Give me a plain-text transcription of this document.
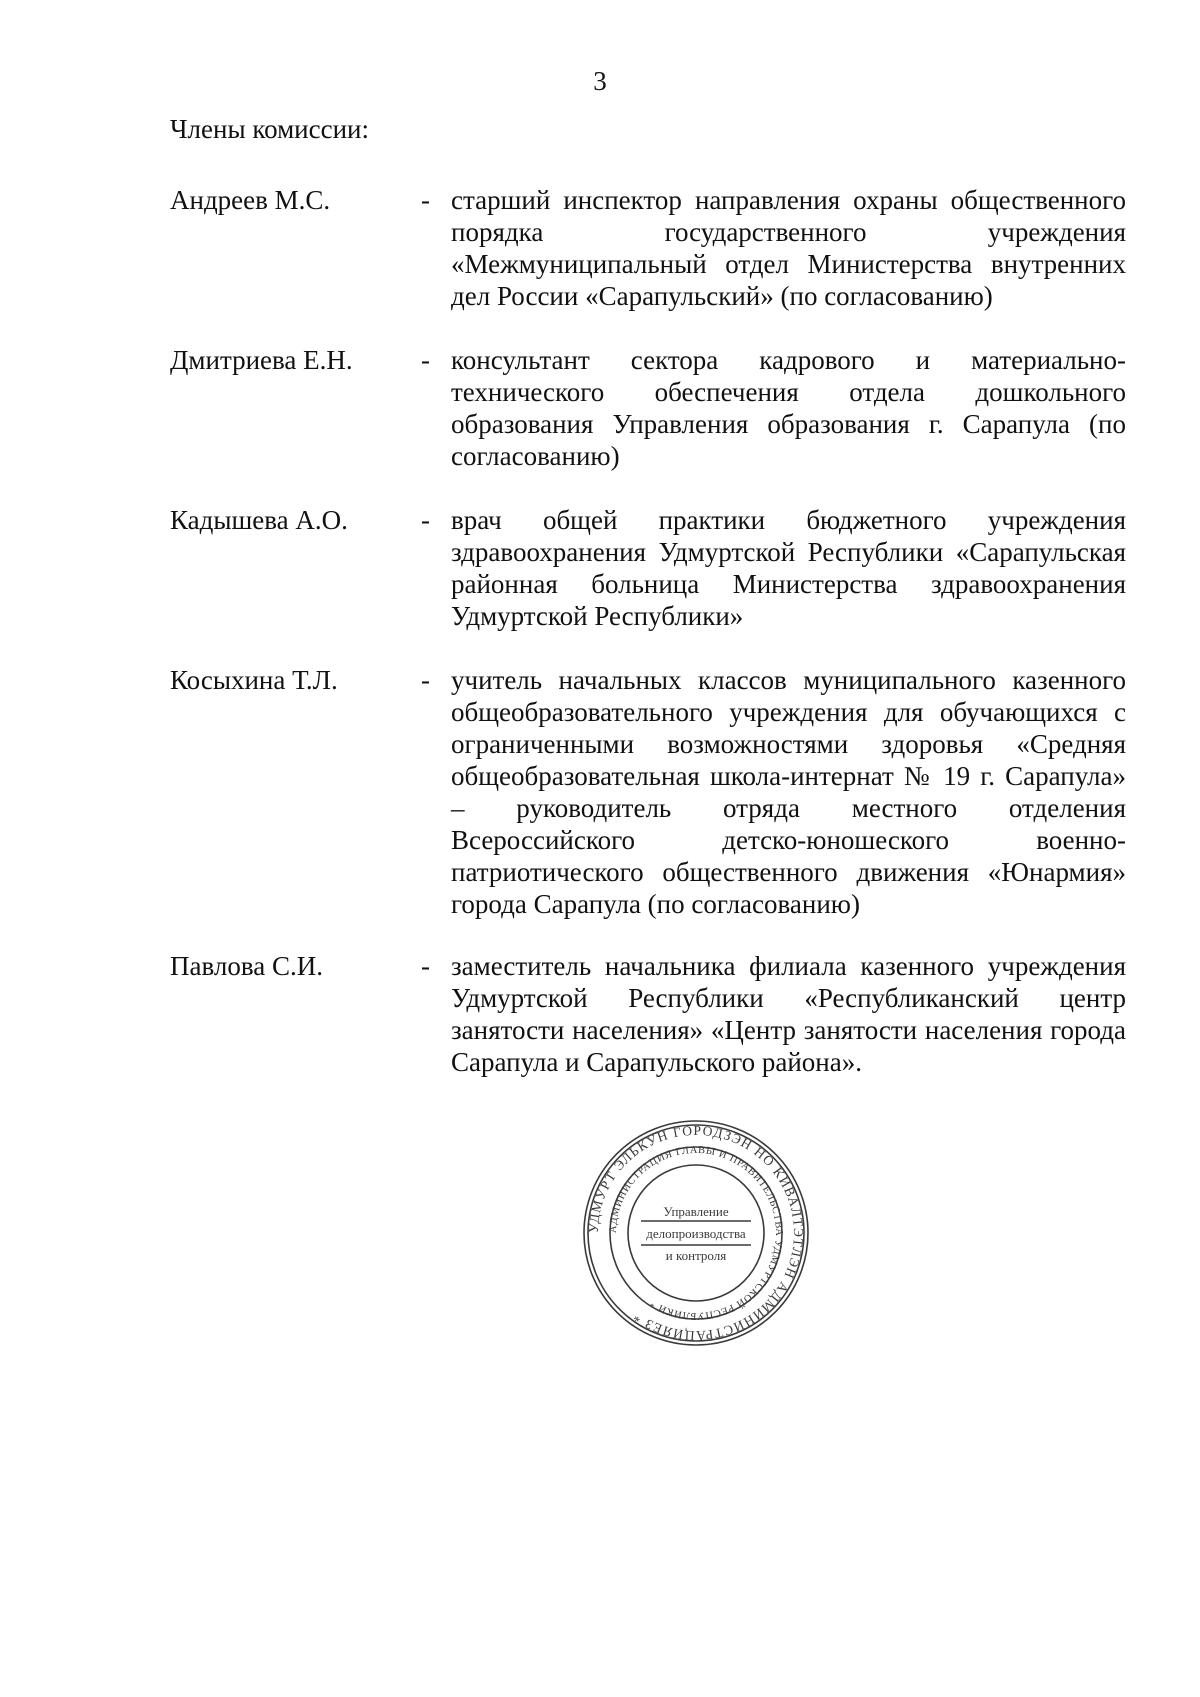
3
Члены комиссии:
Андреев М.С.	- старший инспектор направления охраны общественного порядка государственного учреждения «Межмуниципальный отдел Министерства внутренних дел России «Сарапульский» (по согласованию)
Дмитриева Е.Н.	- консультант сектора кадрового и материально-технического обеспечения отдела дошкольного образования Управления образования г. Сарапула (по согласованию)
Кадышева А.О.	- врач общей практики бюджетного учреждения здравоохранения Удмуртской Республики «Сарапульская районная больница Министерства здравоохранения Удмуртской Республики»
Косыхина Т.Л.	- учитель начальных классов муниципального казенного общеобразовательного учреждения для обучающихся с ограниченными возможностями здоровья «Средняя общеобразовательная школа-интернат № 19 г. Сарапула» – руководитель отряда местного отделения Всероссийского детско-юношеского военно-патриотического общественного движения «Юнармия» города Сарапула (по согласованию)
Павлова С.И.	- заместитель начальника филиала казенного учреждения Удмуртской Республики «Республиканский центр занятости населения» «Центр занятости населения города Сарапула и Сарапульского района».
УДМУРТ ЭЛЬКУН ГОРОДЗЭН НО КИВАЛТЭТЛЭН АДМИНИСТРАЦИЯЕЗ *
АДМИНИСТРАЦИЯ ГЛАВЫ И ПРАВИТЕЛЬСТВА УДМУРТСКОЙ РЕСПУБЛИКИ *
Управление
делопроизводства
и контроля
